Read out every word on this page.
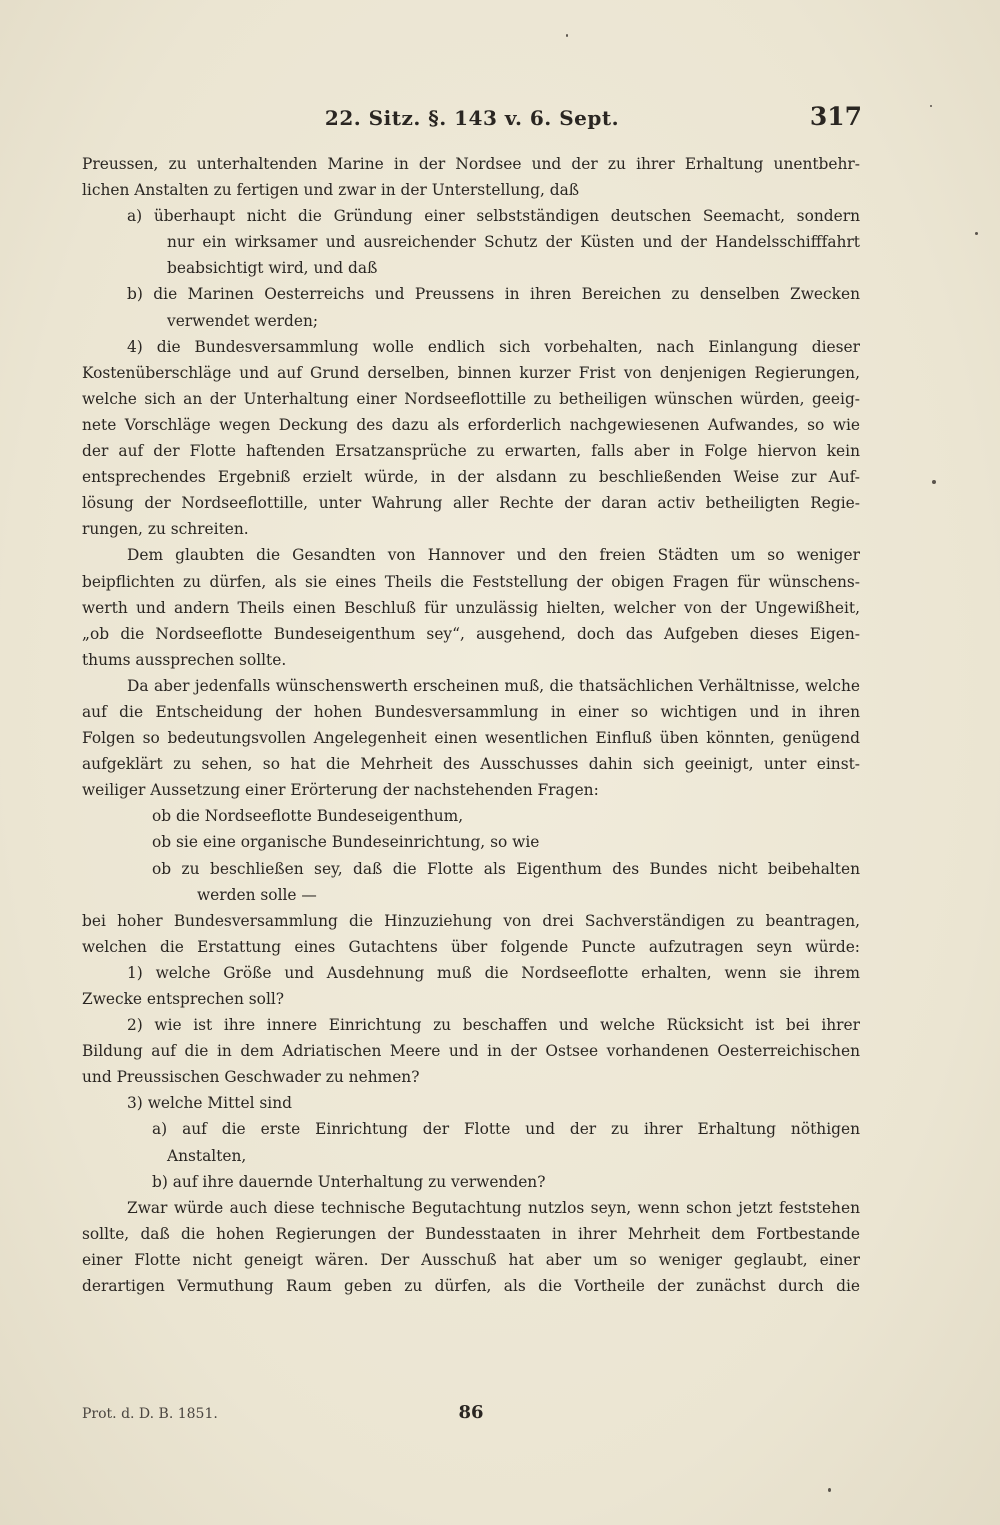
22. Sitz. §. 143 v. 6. Sept.	317
Preussen, zu unterhaltenden Marine in der Nordsee und der zu ihrer Erhaltung unentbehr-
lichen Anstalten zu fertigen und zwar in der Unterstellung, daß
a) überhaupt nicht die Gründung einer selbstständigen deutschen Seemacht, sondern
nur ein wirksamer und ausreichender Schutz der Küsten und der Handelsschifffahrt
beabsichtigt wird, und daß
b) die Marinen Oesterreichs und Preussens in ihren Bereichen zu denselben Zwecken
verwendet werden;
4) die Bundesversammlung wolle endlich sich vorbehalten, nach Einlangung dieser
Kostenüberschläge und auf Grund derselben, binnen kurzer Frist von denjenigen Regierungen,
welche sich an der Unterhaltung einer Nordseeflottille zu betheiligen wünschen würden, geeig-
nete Vorschläge wegen Deckung des dazu als erforderlich nachgewiesenen Aufwandes, so wie
der auf der Flotte haftenden Ersatzansprüche zu erwarten, falls aber in Folge hiervon kein
entsprechendes Ergebniß erzielt würde, in der alsdann zu beschließenden Weise zur Auf-
lösung der Nordseeflottille, unter Wahrung aller Rechte der daran activ betheiligten Regie-
rungen, zu schreiten.
Dem glaubten die Gesandten von Hannover und den freien Städten um so weniger
beipflichten zu dürfen, als sie eines Theils die Feststellung der obigen Fragen für wünschens-
werth und andern Theils einen Beschluß für unzulässig hielten, welcher von der Ungewißheit,
„ob die Nordseeflotte Bundeseigenthum sey“, ausgehend, doch das Aufgeben dieses Eigen-
thums aussprechen sollte.
Da aber jedenfalls wünschenswerth erscheinen muß, die thatsächlichen Verhältnisse, welche
auf die Entscheidung der hohen Bundesversammlung in einer so wichtigen und in ihren
Folgen so bedeutungsvollen Angelegenheit einen wesentlichen Einfluß üben könnten, genügend
aufgeklärt zu sehen, so hat die Mehrheit des Ausschusses dahin sich geeinigt, unter einst-
weiliger Aussetzung einer Erörterung der nachstehenden Fragen:
ob die Nordseeflotte Bundeseigenthum,
ob sie eine organische Bundeseinrichtung, so wie
ob zu beschließen sey, daß die Flotte als Eigenthum des Bundes nicht beibehalten
werden solle —
bei hoher Bundesversammlung die Hinzuziehung von drei Sachverständigen zu beantragen,
welchen die Erstattung eines Gutachtens über folgende Puncte aufzutragen seyn würde:
1) welche Größe und Ausdehnung muß die Nordseeflotte erhalten, wenn sie ihrem
Zwecke entsprechen soll?
2) wie ist ihre innere Einrichtung zu beschaffen und welche Rücksicht ist bei ihrer
Bildung auf die in dem Adriatischen Meere und in der Ostsee vorhandenen Oesterreichischen
und Preussischen Geschwader zu nehmen?
3) welche Mittel sind
a) auf die erste Einrichtung der Flotte und der zu ihrer Erhaltung nöthigen
Anstalten,
b) auf ihre dauernde Unterhaltung zu verwenden?
Zwar würde auch diese technische Begutachtung nutzlos seyn, wenn schon jetzt feststehen
sollte, daß die hohen Regierungen der Bundesstaaten in ihrer Mehrheit dem Fortbestande
einer Flotte nicht geneigt wären. Der Ausschuß hat aber um so weniger geglaubt, einer
derartigen Vermuthung Raum geben zu dürfen, als die Vortheile der zunächst durch die
Prot. d. D. B. 1851.	86
